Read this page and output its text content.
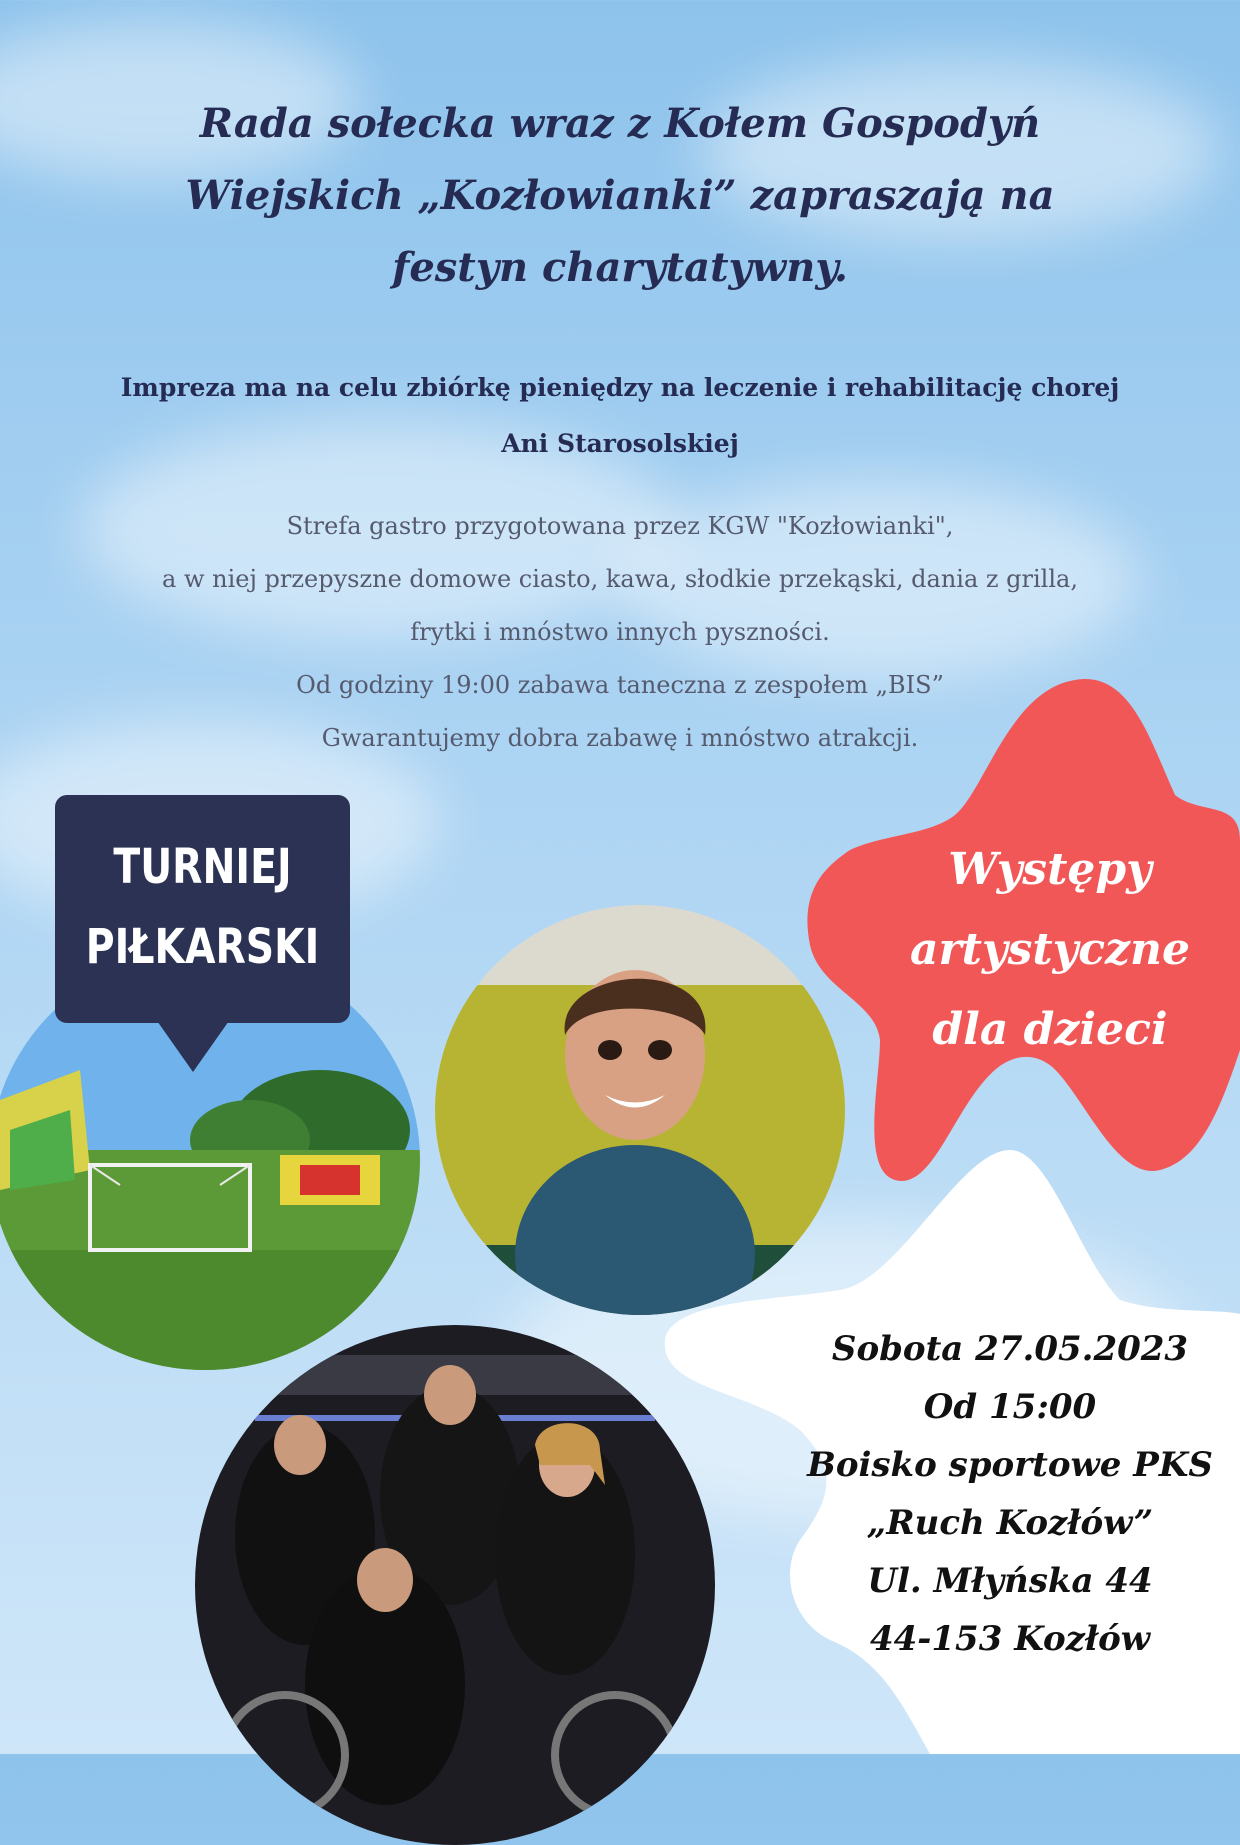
Rada sołecka wraz z Kołem Gospodyń
Wiejskich „Kozłowianki” zapraszają na
festyn charytatywny.
Impreza ma na celu zbiórkę pieniędzy na leczenie i rehabilitację chorej
Ani Starosolskiej
Strefa gastro przygotowana przez KGW "Kozłowianki",
a w niej przepyszne domowe ciasto, kawa, słodkie przekąski, dania z grilla,
frytki i mnóstwo innych pyszności.
Od godziny 19:00 zabawa taneczna z zespołem „BIS”
Gwarantujemy dobra zabawę i mnóstwo atrakcji.
TURNIEJ
PIŁKARSKI
Występy
artystyczne
dla dzieci
Sobota 27.05.2023
Od 15:00
Boisko sportowe PKS
„Ruch Kozłów”
Ul. Młyńska 44
44-153 Kozłów
